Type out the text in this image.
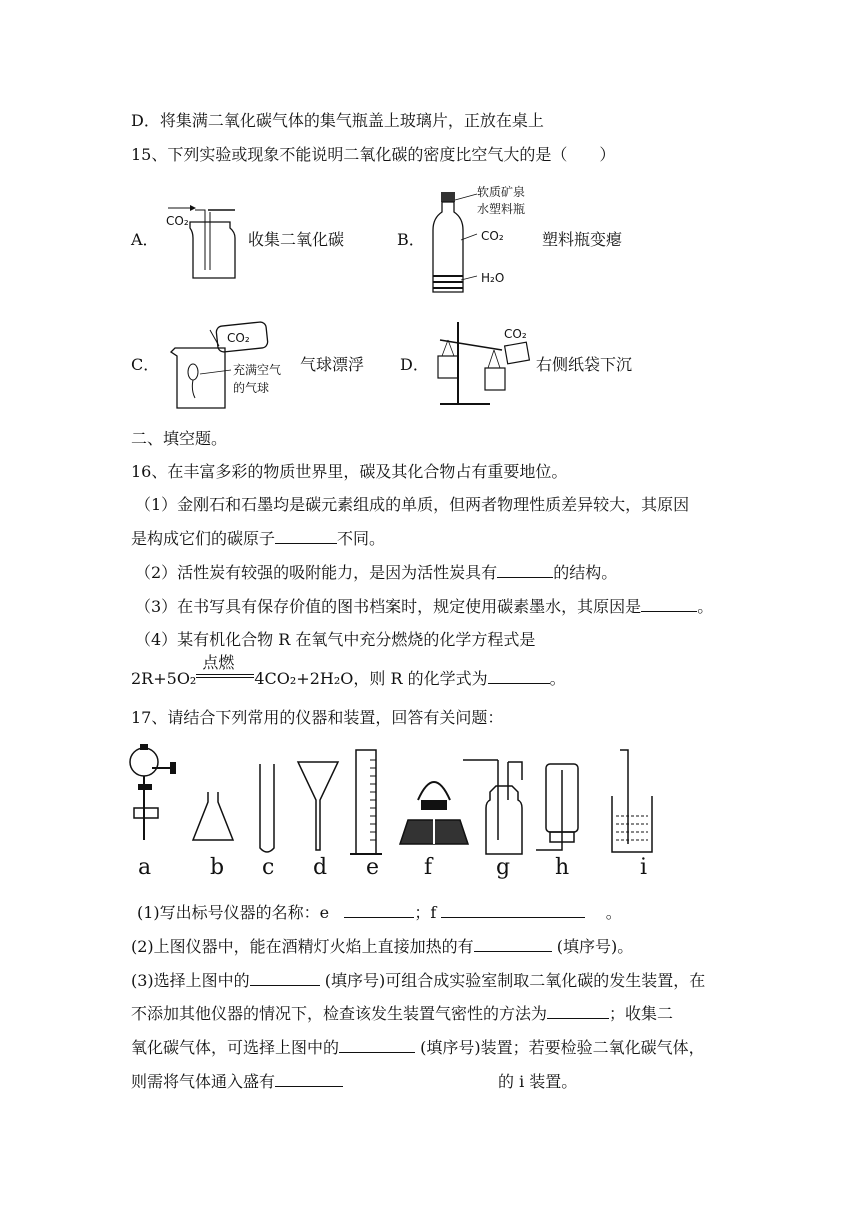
D．将集满二氧化碳气体的集气瓶盖上玻璃片，正放在桌上
15、下列实验或现象不能说明二氧化碳的密度比空气大的是（　　）
A．
CO₂
收集二氧化碳	B．
软质矿泉
水塑料瓶
CO₂
H₂O
塑料瓶变瘪
C．
CO₂
充满空气
的气球
气球漂浮 D．
CO₂
右侧纸袋下沉
二、填空题。
16、在丰富多彩的物质世界里，碳及其化合物占有重要地位。
（1）金刚石和石墨均是碳元素组成的单质，但两者物理性质差异较大，其原因
是构成它们的碳原子	不同。
（2）活性炭有较强的吸附能力，是因为活性炭具有	的结构。
（3）在书写具有保存价值的图书档案时，规定使用碳素墨水，其原因是	。
（4）某有机化合物 R 在氧气中充分燃烧的化学方程式是
2R+5O₂
点燃
4CO₂+2H₂O，则 R 的化学式为	。
17、请结合下列常用的仪器和装置，回答有关问题：
a	b c d e f	g h	i
(1)写出标号仪器的名称：e	；f	。
(2)上图仪器中，能在酒精灯火焰上直接加热的有	(填序号)。
(3)选择上图中的	(填序号)可组合成实验室制取二氧化碳的发生装置，在
不添加其他仪器的情况下，检查该发生装置气密性的方法为	；收集二
氧化碳气体，可选择上图中的	(填序号)装置；若要检验二氧化碳气体，
则需将气体通入盛有	的 i 装置。
